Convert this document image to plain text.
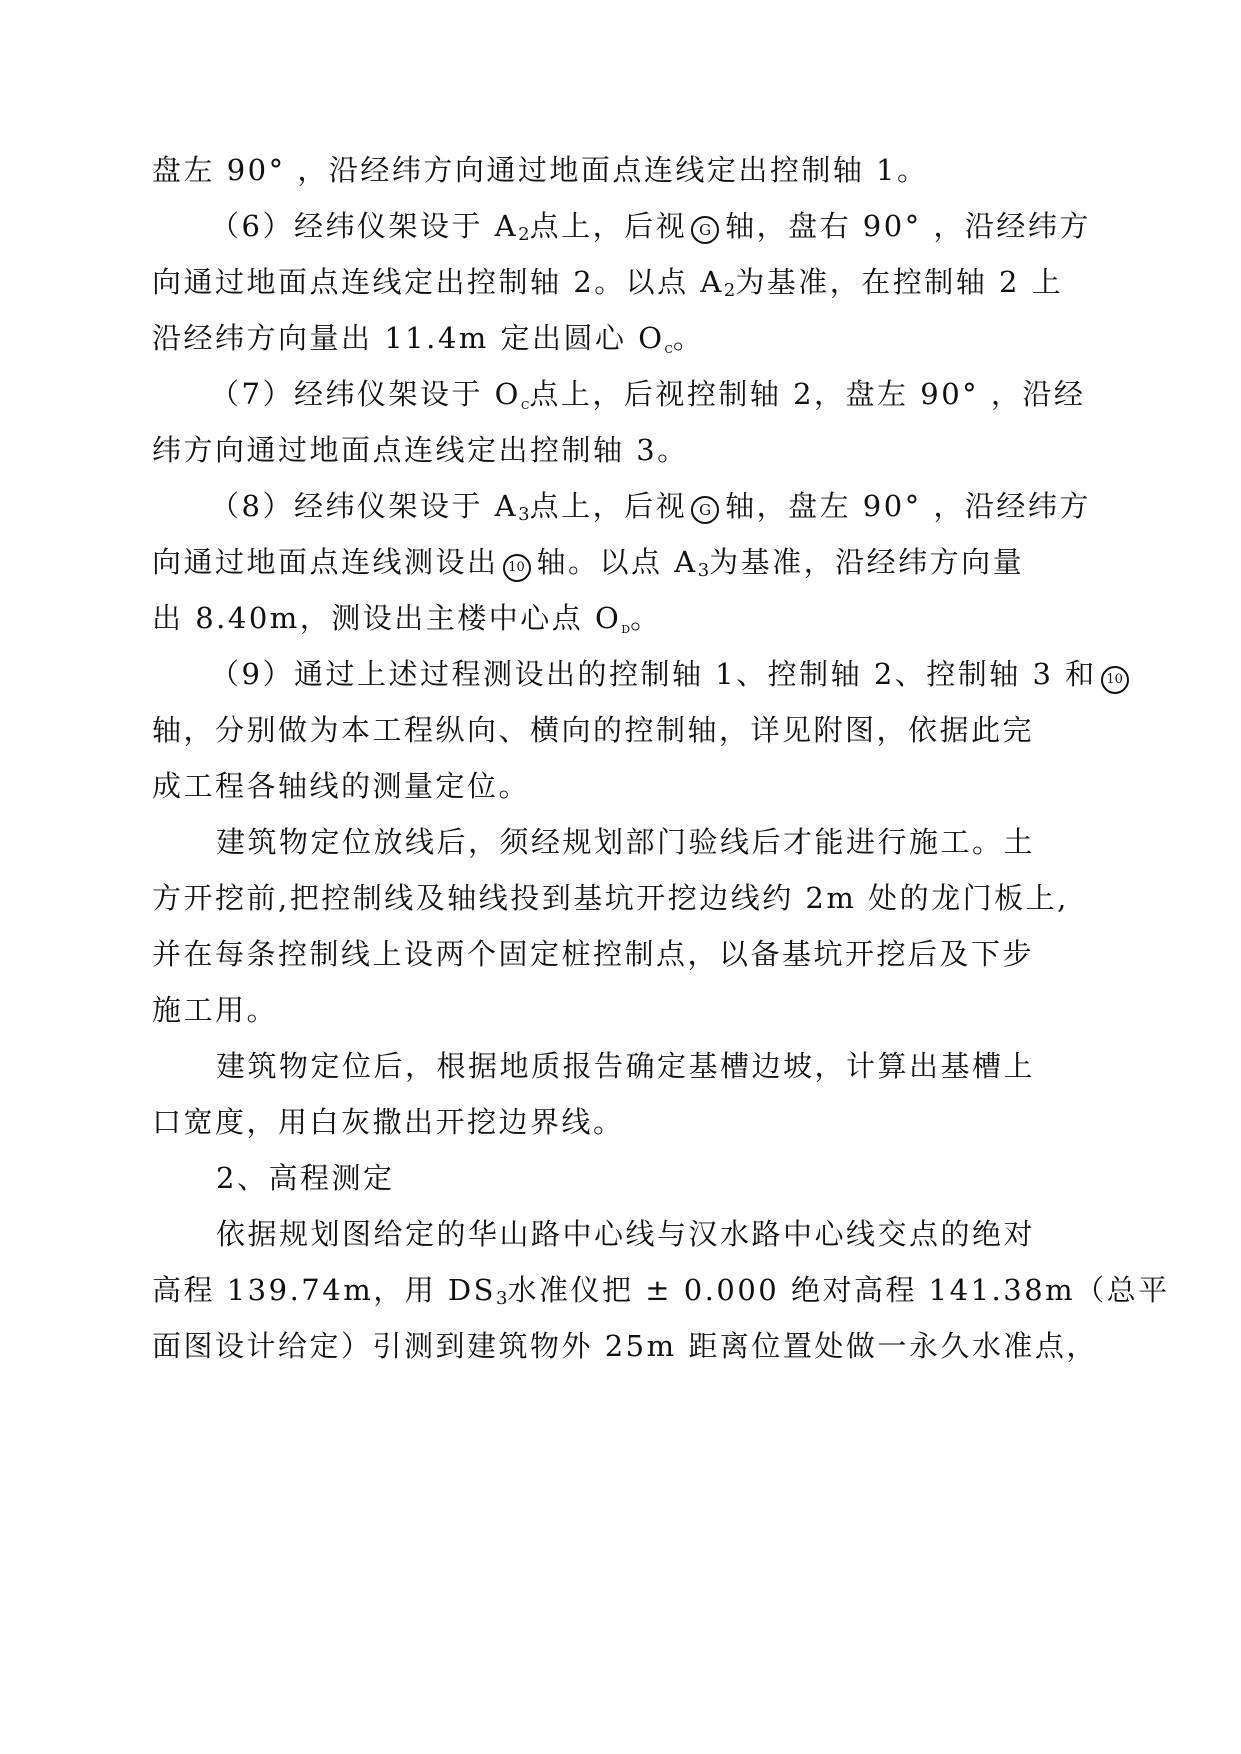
盘左 90° ，沿经纬方向通过地面点连线定出控制轴 1。
（6）经纬仪架设于 $A_2$点上，后视 G 轴，盘右 90° ，沿经纬方
向通过地面点连线定出控制轴 2。以点 $A_2$为基准，在控制轴 2 上
沿经纬方向量出 11.4m 定出圆心 $O_C$。
（7）经纬仪架设于 $O_C$点上，后视控制轴 2，盘左 90° ，沿经
纬方向通过地面点连线定出控制轴 3。
（8）经纬仪架设于 $A_3$点上，后视 G 轴，盘左 90° ，沿经纬方
向通过地面点连线测设出 10 轴。以点 $A_3$为基准，沿经纬方向量
出 8.40m，测设出主楼中心点 $O_D$。
（9）通过上述过程测设出的控制轴 1、控制轴 2、控制轴 3 和 10
轴，分别做为本工程纵向、横向的控制轴，详见附图，依据此完
成工程各轴线的测量定位。
建筑物定位放线后，须经规划部门验线后才能进行施工。土
方开挖前,把控制线及轴线投到基坑开挖边线约 2m 处的龙门板上,
并在每条控制线上设两个固定桩控制点，以备基坑开挖后及下步
施工用。
建筑物定位后，根据地质报告确定基槽边坡，计算出基槽上
口宽度，用白灰撒出开挖边界线。
2、高程测定
依据规划图给定的华山路中心线与汉水路中心线交点的绝对
高程 139.74m，用 $DS_3$水准仪把 ± 0.000 绝对高程 141.38m（总平
面图设计给定）引测到建筑物外 25m 距离位置处做一永久水准点，
